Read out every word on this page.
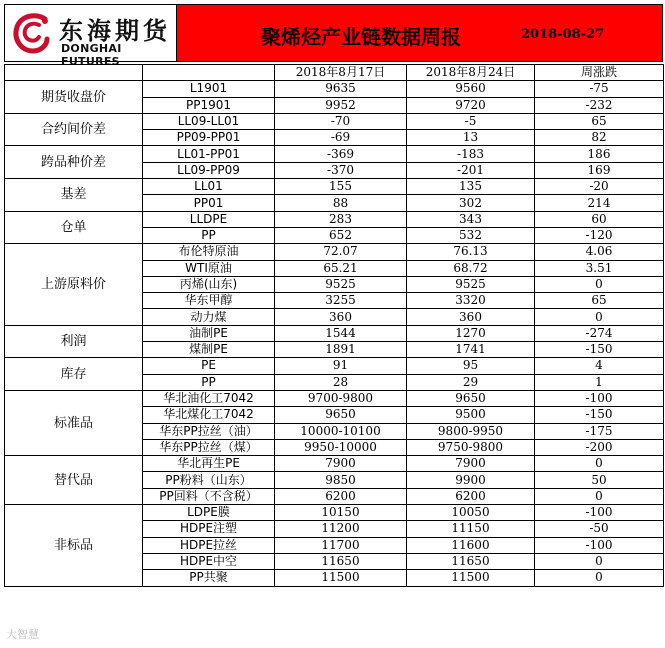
东海期货
DONGHAI FUTURES
聚烯烃产业链数据周报	2018-08-27
		2018年8月17日	2018年8月24日	周涨跌
期货收盘价	L1901	9635	9560	-75
	PP1901	9952	9720	-232
合约间价差	LL09-LL01	-70	-5	65
	PP09-PP01	-69	13	82
跨品种价差	LL01-PP01	-369	-183	186
	LL09-PP09	-370	-201	169
基差	LL01	155	135	-20
	PP01	88	302	214
仓单	LLDPE	283	343	60
	PP	652	532	-120
上游原料价	布伦特原油	72.07	76.13	4.06
	WTI原油	65.21	68.72	3.51
	丙烯(山东)	9525	9525	0
	华东甲醇	3255	3320	65
	动力煤	360	360	0
利润	油制PE	1544	1270	-274
	煤制PE	1891	1741	-150
库存	PE	91	95	4
	PP	28	29	1
标准品	华北油化工7042	9700-9800	9650	-100
	华北煤化工7042	9650	9500	-150
	华东PP拉丝（油）	10000-10100	9800-9950	-175
	华东PP拉丝（煤）	9950-10000	9750-9800	-200
替代品	华北再生PE	7900	7900	0
	PP粉料（山东）	9850	9900	50
	PP回料（不含税）	6200	6200	0
非标品	LDPE膜	10150	10050	-100
	HDPE注塑	11200	11150	-50
	HDPE拉丝	11700	11600	-100
	HDPE中空	11650	11650	0
	PP共聚	11500	11500	0
大智慧
